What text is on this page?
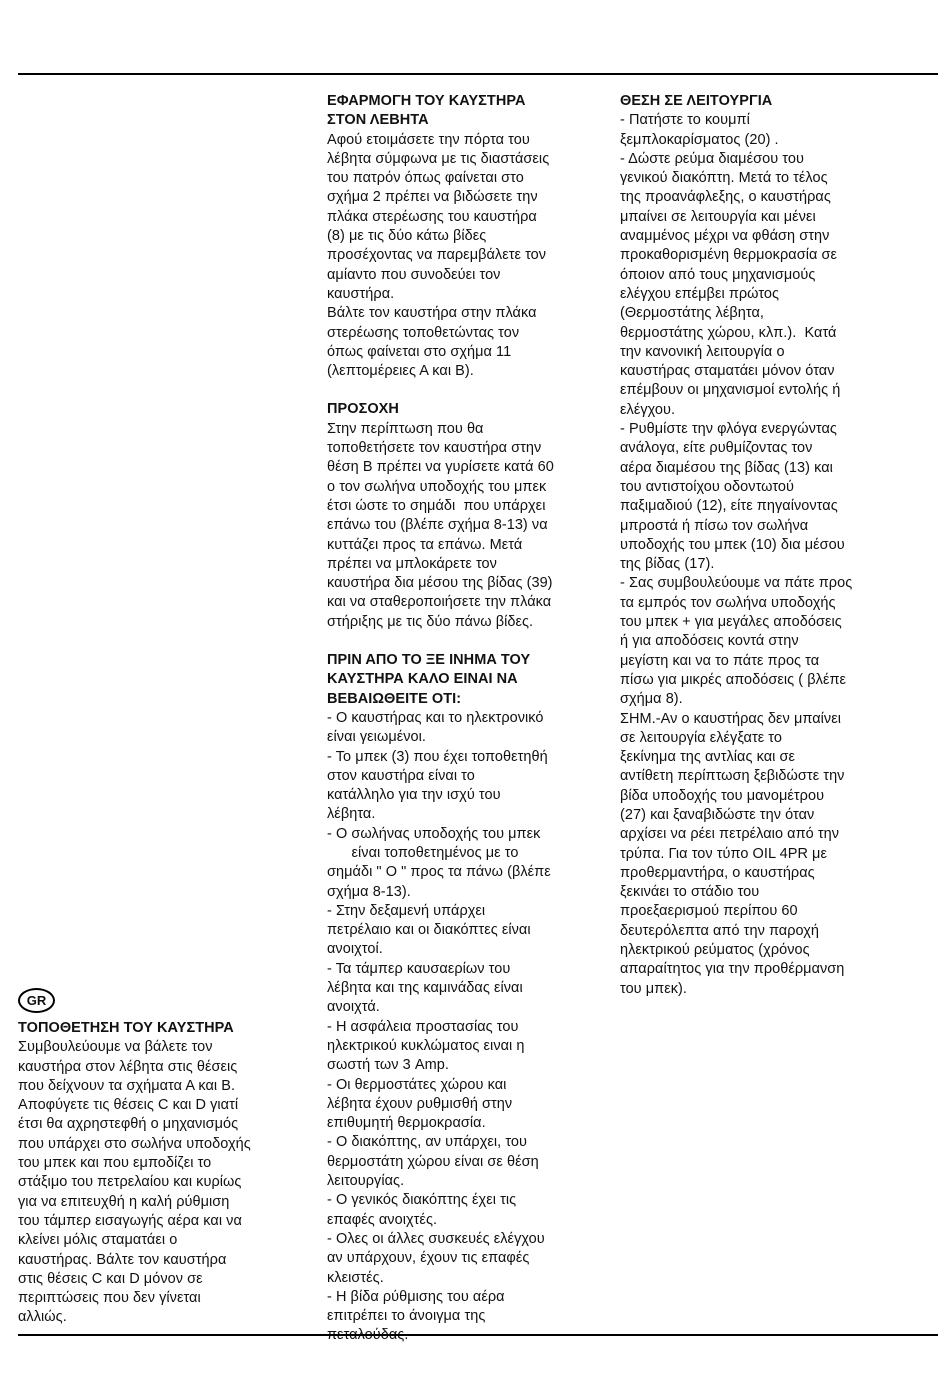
GR
ΤΟΠΟΘΕΤΗΣΗ ΤΟΥ ΚΑΥΣΤΗΡΑ

Συμβουλεύουμε να βάλετε τον
καυστήρα στον λέβητα στις θέσεις
που δείχνουν τα σχήματα Α και Β.
Αποφύγετε τις θέσεις C και D γιατί
έτσι θα αχρηστεφθή ο μηχανισμός
που υπάρχει στο σωλήνα υποδοχής
του μπεκ και που εμποδίζει το
στάξιμο του πετρελαίου και κυρίως
για να επιτευχθή η καλή ρύθμιση
του τάμπερ εισαγωγής αέρα και να
κλείνει μόλις σταματάει ο
καυστήρας. Βάλτε τον καυστήρα
στις θέσεις C και D μόνον σε
περιπτώσεις που δεν γίνεται
αλλιώς.

ΕΦΑΡΜΟΓΗ ΤΟΥ ΚΑΥΣΤΗΡΑ
ΣΤΟΝ ΛΕΒΗΤΑ

Αφού ετοιμάσετε την πόρτα του
λέβητα σύμφωνα με τις διαστάσεις
του πατρόν όπως φαίνεται στο
σχήμα 2 πρέπει να βιδώσετε την
πλάκα στερέωσης του καυστήρα
(8) με τις δύο κάτω βίδες
προσέχοντας να παρεμβάλετε τον
αμίαντο που συνοδεύει τον
καυστήρα.
Βάλτε τον καυστήρα στην πλάκα
στερέωσης τοποθετώντας τον
όπως φαίνεται στο σχήμα 11
(λεπτομέρειες Α και Β).

ΠΡΟΣΟΧΗ

Στην περίπτωση που θα
τοποθετήσετε τον καυστήρα στην
θέση Β πρέπει να γυρίσετε κατά 60
ο τον σωλήνα υποδοχής του μπεκ
έτσι ώστε το σημάδι  που υπάρχει
επάνω του (βλέπε σχήμα 8-13) να
κυττάζει προς τα επάνω. Μετά
πρέπει να μπλοκάρετε τον
καυστήρα δια μέσου της βίδας (39)
και να σταθεροποιήσετε την πλάκα
στήριξης με τις δύο πάνω βίδες.

ΠΡΙΝ ΑΠΟ ΤΟ ΞΕ ΙΝΗΜΑ ΤΟΥ
ΚΑΥΣΤΗΡΑ ΚΑΛΟ ΕΙΝΑΙ ΝΑ
ΒΕΒΑΙΩΘΕΙΤΕ ΟΤΙ:

- Ο καυστήρας και το ηλεκτρονικό
είναι γειωμένοι.
- Το μπεκ (3) που έχει τοποθετηθή
στον καυστήρα είναι το
κατάλληλο για την ισχύ του
λέβητα.
- Ο σωλήνας υποδοχής του μπεκ
είναι τοποθετημένος με το
σημάδι " Ο " προς τα πάνω (βλέπε
σχήμα 8-13).
- Στην δεξαμενή υπάρχει
πετρέλαιο και οι διακόπτες είναι
ανοιχτοί.
- Τα τάμπερ καυσαερίων του
λέβητα και της καμινάδας είναι
ανοιχτά.
- Η ασφάλεια προστασίας του
ηλεκτρικού κυκλώματος ειναι η
σωστή των 3 Amp.
- Οι θερμοστάτες χώρου και
λέβητα έχουν ρυθμισθή στην
επιθυμητή θερμοκρασία.
- Ο διακόπτης, αν υπάρχει, του
θερμοστάτη χώρου είναι σε θέση
λειτουργίας.
- Ο γενικός διακόπτης έχει τις
επαφές ανοιχτές.
- Ολες οι άλλες συσκευές ελέγχου
αν υπάρχουν, έχουν τις επαφές
κλειστές.
- Η βίδα ρύθμισης του αέρα
επιτρέπει το άνοιγμα της
πεταλούδας.

ΘΕΣΗ ΣΕ ΛΕΙΤΟΥΡΓΙΑ

- Πατήστε το κουμπί
ξεμπλοκαρίσματος (20) .
- Δώστε ρεύμα διαμέσου του
γενικού διακόπτη. Μετά το τέλος
της προανάφλεξης, ο καυστήρας
μπαίνει σε λειτουργία και μένει
αναμμένος μέχρι να φθάση στην
προκαθορισμένη θερμοκρασία σε
όποιον από τους μηχανισμούς
ελέγχου επέμβει πρώτος
(Θερμοστάτης λέβητα,
θερμοστάτης χώρου, κλπ.).  Κατά
την κανονική λειτουργία ο
καυστήρας σταματάει μόνον όταν
επέμβουν οι μηχανισμοί εντολής ή
ελέγχου.
- Ρυθμίστε την φλόγα ενεργώντας
ανάλογα, είτε ρυθμίζοντας τον
αέρα διαμέσου της βίδας (13) και
του αντιστοίχου οδοντωτού
παξιμαδιού (12), είτε πηγαίνοντας
μπροστά ή πίσω τον σωλήνα
υποδοχής του μπεκ (10) δια μέσου
της βίδας (17).
- Σας συμβουλεύουμε να πάτε προς
τα εμπρός τον σωλήνα υποδοχής
του μπεκ + για μεγάλες αποδόσεις
ή για αποδόσεις κοντά στην
μεγίστη και να το πάτε προς τα
πίσω για μικρές αποδόσεις ( βλέπε
σχήμα 8).
ΣΗΜ.-Αν ο καυστήρας δεν μπαίνει
σε λειτουργία ελέγξατε το
ξεκίνημα της αντλίας και σε
αντίθετη περίπτωση ξεβιδώστε την
βίδα υποδοχής του μανομέτρου
(27) και ξαναβιδώστε την όταν
αρχίσει να ρέει πετρέλαιο από την
τρύπα. Για τον τύπο OIL 4PR με
προθερμαντήρα, ο καυστήρας
ξεκινάει το στάδιο του
προεξαερισμού περίπου 60
δευτερόλεπτα από την παροχή
ηλεκτρικού ρεύματος (χρόνος
απαραίτητος για την προθέρμανση
του μπεκ).
